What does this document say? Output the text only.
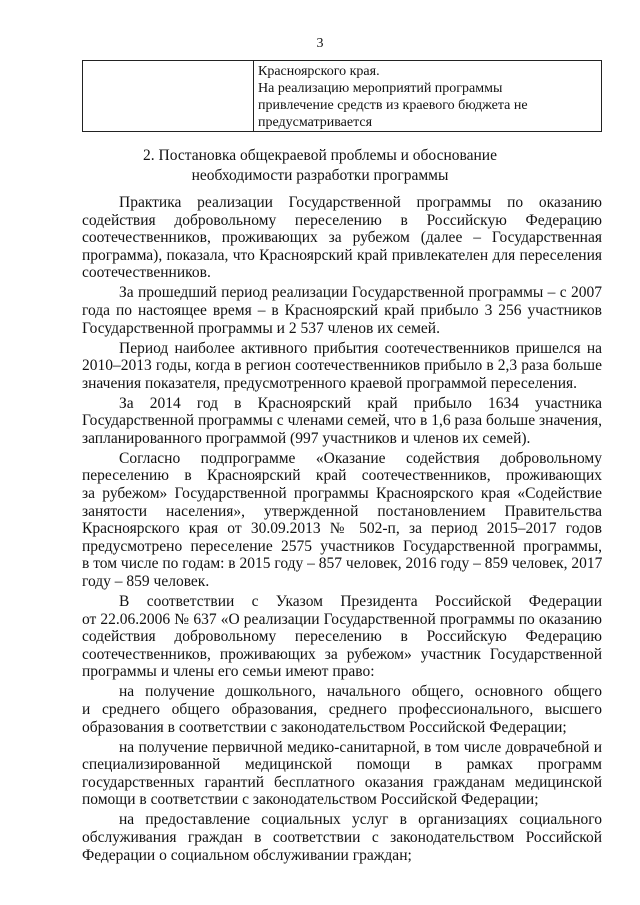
3

Красноярского края.
На реализацию мероприятий программы
привлечение средств из краевого бюджета не
предусматривается
2. Постановка общекраевой проблемы и обоснование
необходимости разработки программы
Практика реализации Государственной программы по оказанию
содействия добровольному переселению в Российскую Федерацию
соотечественников, проживающих за рубежом (далее – Государственная
программа), показала, что Красноярский край привлекателен для переселения
соотечественников.
За прошедший период реализации Государственной программы – с 2007
года по настоящее время – в Красноярский край прибыло 3 256 участников
Государственной программы и 2 537 членов их семей.
Период наиболее активного прибытия соотечественников пришелся на
2010–2013 годы, когда в регион соотечественников прибыло в 2,3 раза больше
значения показателя, предусмотренного краевой программой переселения.
За 2014 год в Красноярский край прибыло 1634 участника
Государственной программы с членами семей, что в 1,6 раза больше значения,
запланированного программой (997 участников и членов их семей).
Согласно подпрограмме «Оказание содействия добровольному
переселению в Красноярский край соотечественников, проживающих
за рубежом» Государственной программы Красноярского края «Содействие
занятости населения», утвержденной постановлением Правительства
Красноярского края от 30.09.2013 № 502-п, за период 2015–2017 годов
предусмотрено переселение 2575 участников Государственной программы,
в том числе по годам: в 2015 году – 857 человек, 2016 году – 859 человек, 2017
году – 859 человек.
В соответствии с Указом Президента Российской Федерации
от 22.06.2006 № 637 «О реализации Государственной программы по оказанию
содействия добровольному переселению в Российскую Федерацию
соотечественников, проживающих за рубежом» участник Государственной
программы и члены его семьи имеют право:
на получение дошкольного, начального общего, основного общего
и среднего общего образования, среднего профессионального, высшего
образования в соответствии с законодательством Российской Федерации;
на получение первичной медико-санитарной, в том числе доврачебной и
специализированной медицинской помощи в рамках программ
государственных гарантий бесплатного оказания гражданам медицинской
помощи в соответствии с законодательством Российской Федерации;
на предоставление социальных услуг в организациях социального
обслуживания граждан в соответствии с законодательством Российской
Федерации о социальном обслуживании граждан;
